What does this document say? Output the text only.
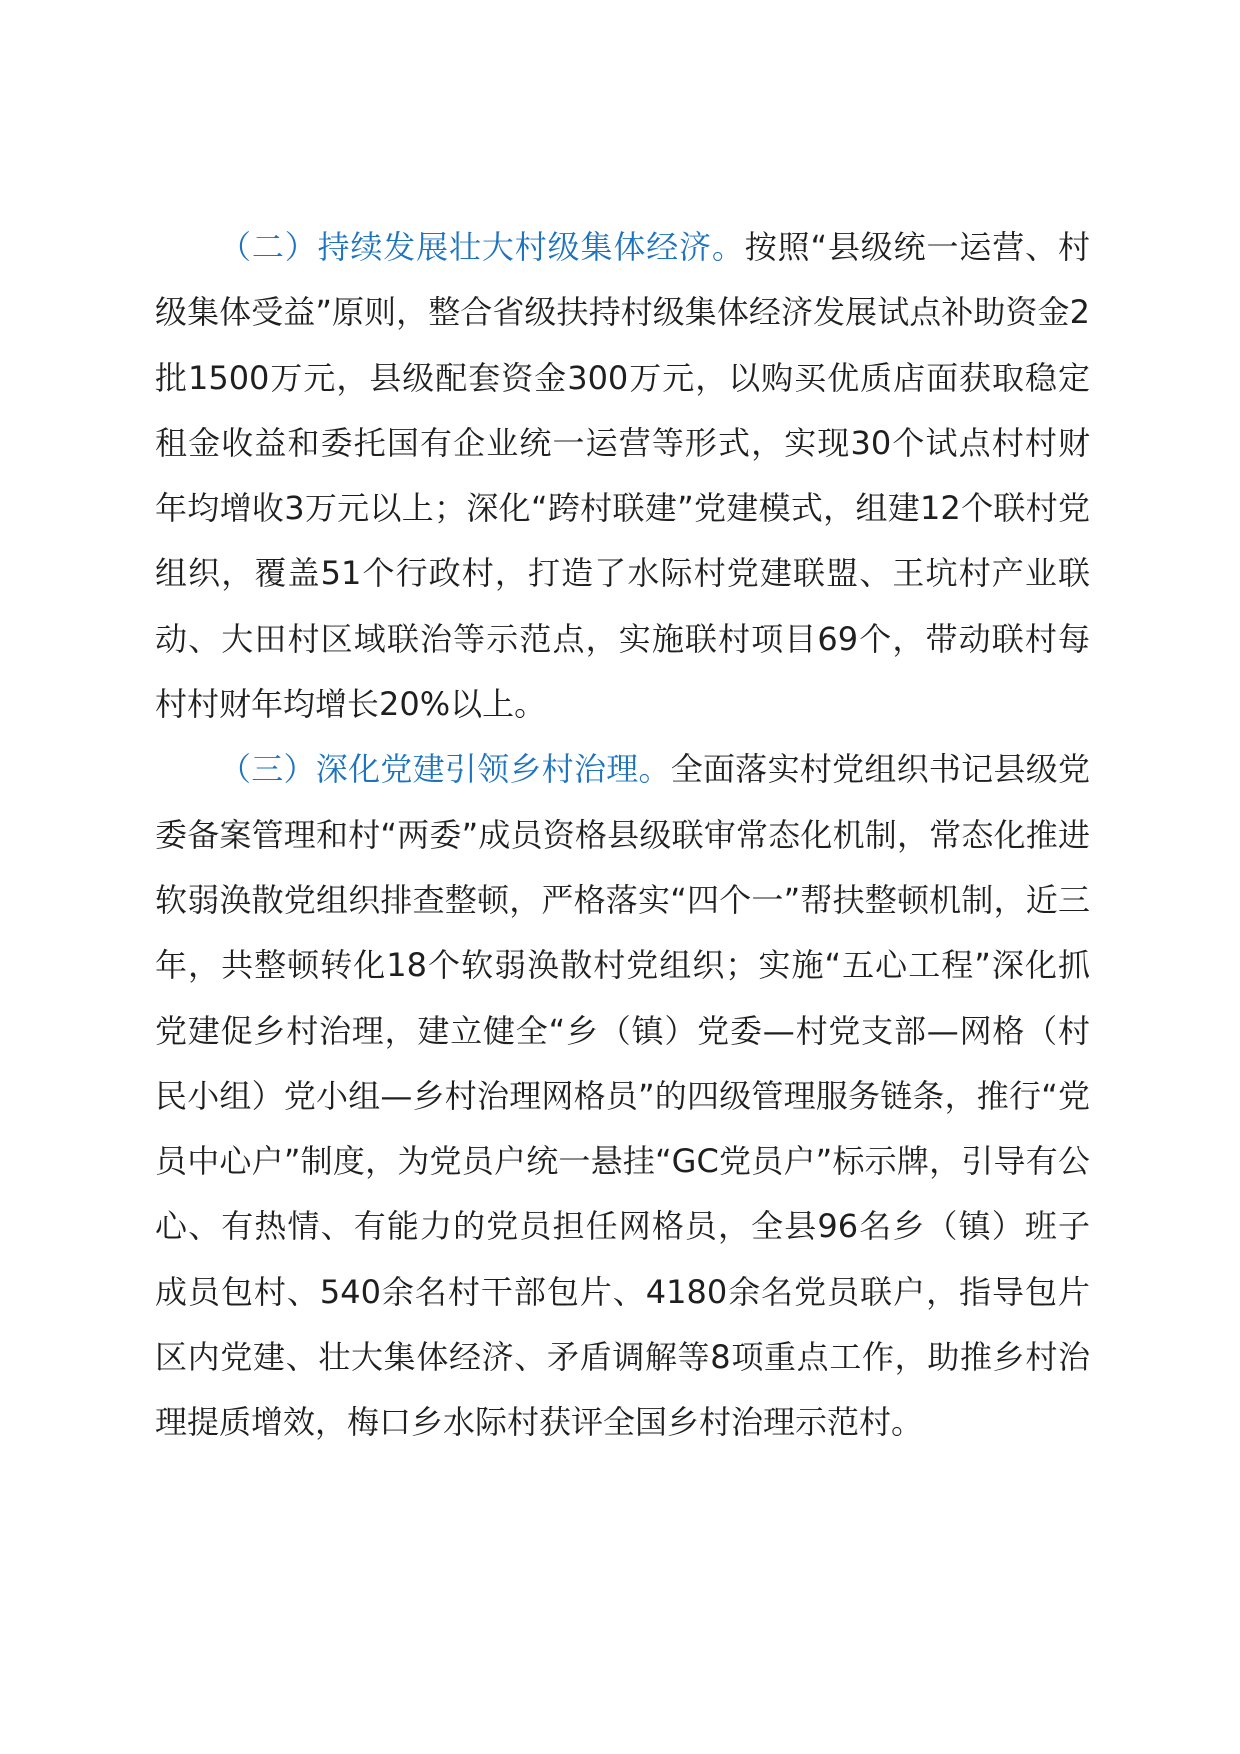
（二）持续发展壮大村级集体经济。按照“县级统一运营、村级集体受益”原则，整合省级扶持村级集体经济发展试点补助资金2批1500万元，县级配套资金300万元，以购买优质店面获取稳定租金收益和委托国有企业统一运营等形式，实现30个试点村村财年均增收3万元以上；深化“跨村联建”党建模式，组建12个联村党组织，覆盖51个行政村，打造了水际村党建联盟、王坑村产业联动、大田村区域联治等示范点，实施联村项目69个，带动联村每村村财年均增长20%以上。

（三）深化党建引领乡村治理。全面落实村党组织书记县级党委备案管理和村“两委”成员资格县级联审常态化机制，常态化推进软弱涣散党组织排查整顿，严格落实“四个一”帮扶整顿机制，近三年，共整顿转化18个软弱涣散村党组织；实施“五心工程”深化抓党建促乡村治理，建立健全“乡（镇）党委—村党支部—网格（村民小组）党小组—乡村治理网格员”的四级管理服务链条，推行“党员中心户”制度，为党员户统一悬挂“GC党员户”标示牌，引导有公心、有热情、有能力的党员担任网格员，全县96名乡（镇）班子成员包村、540余名村干部包片、4180余名党员联户，指导包片区内党建、壮大集体经济、矛盾调解等8项重点工作，助推乡村治理提质增效，梅口乡水际村获评全国乡村治理示范村。
